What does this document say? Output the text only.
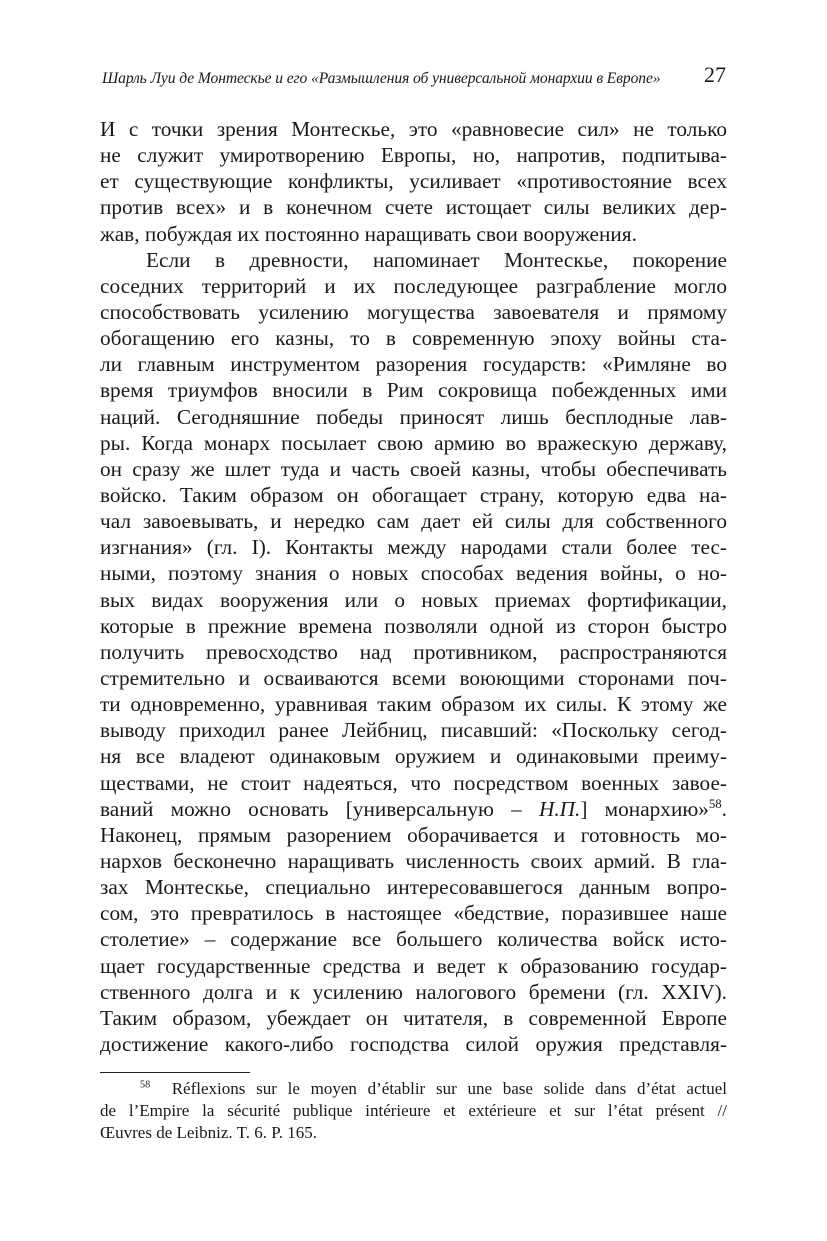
Шарль Луи де Монтескье и его «Размышления об универсальной монархии в Европе» 27
И с точки зрения Монтескье, это «равновесие сил» не только
не служит умиротворению Европы, но, напротив, подпитыва-
ет существующие конфликты, усиливает «противостояние всех
против всех» и в конечном счете истощает силы великих дер-
жав, побуждая их постоянно наращивать свои вооружения.
Если в древности, напоминает Монтескье, покорение
соседних территорий и их последующее разграбление могло
способствовать усилению могущества завоевателя и прямому
обогащению его казны, то в современную эпоху войны ста-
ли главным инструментом разорения государств: «Римляне во
время триумфов вносили в Рим сокровища побежденных ими
наций. Сегодняшние победы приносят лишь бесплодные лав-
ры. Когда монарх посылает свою армию во вражескую державу,
он сразу же шлет туда и часть своей казны, чтобы обеспечивать
войско. Таким образом он обогащает страну, которую едва на-
чал завоевывать, и нередко сам дает ей силы для собственного
изгнания» (гл. I). Контакты между народами стали более тес-
ными, поэтому знания о новых способах ведения войны, о но-
вых видах вооружения или о новых приемах фортификации,
которые в прежние времена позволяли одной из сторон быстро
получить превосходство над противником, распространяются
стремительно и осваиваются всеми воюющими сторонами поч-
ти одновременно, уравнивая таким образом их силы. К этому же
выводу приходил ранее Лейбниц, писавший: «Поскольку сегод-
ня все владеют одинаковым оружием и одинаковыми преиму-
ществами, не стоит надеяться, что посредством военных завое-
ваний можно основать [универсальную – Н.П.] монархию»$^{58}$.
Наконец, прямым разорением оборачивается и готовность мо-
нархов бесконечно наращивать численность своих армий. В гла-
зах Монтескье, специально интересовавшегося данным вопро-
сом, это превратилось в настоящее «бедствие, поразившее наше
столетие» – содержание все большего количества войск исто-
щает государственные средства и ведет к образованию государ-
ственного долга и к усилению налогового бремени (гл. XXIV).
Таким образом, убеждает он читателя, в современной Европе
достижение какого-либо господства силой оружия представля-
$^{58}$ Réflexions sur le moyen d’établir sur une base solide dans d’état actuel
de l’Empire la sécurité publique intérieure et extérieure et sur l’état présent //
Œuvres de Leibniz. T. 6. P. 165.
